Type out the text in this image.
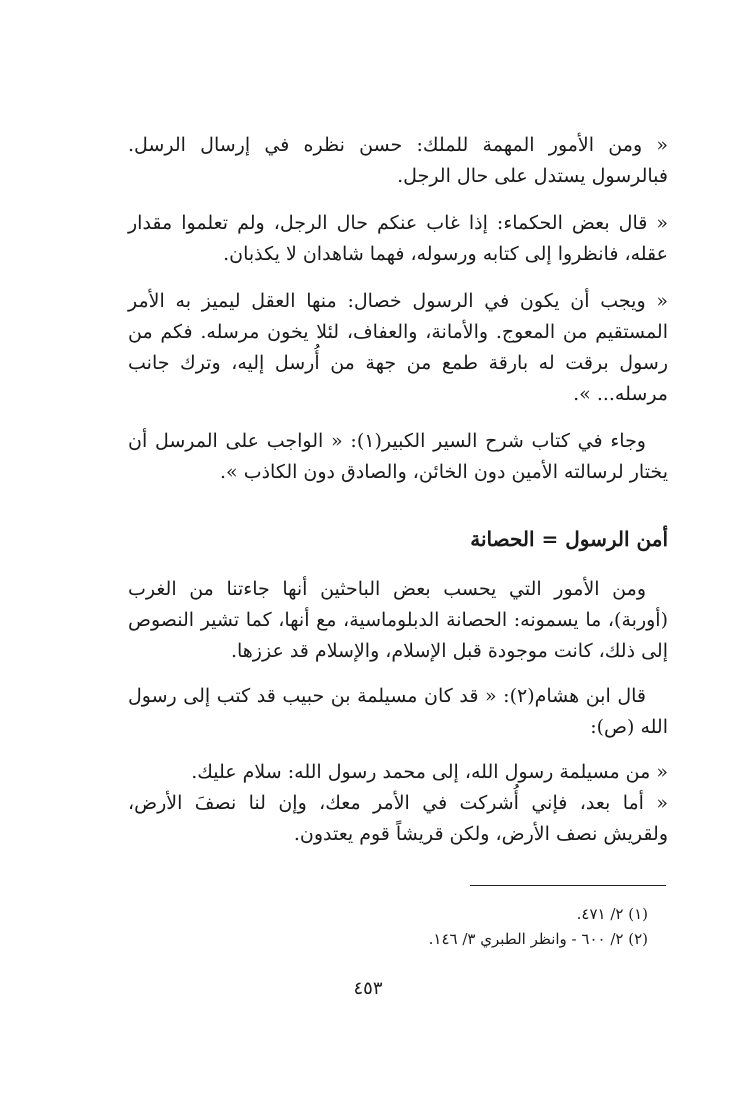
« ومن الأمور المهمة للملك: حسن نظره في إرسال الرسل. فبالرسول يستدل على حال الرجل.

« قال بعض الحكماء: إذا غاب عنكم حال الرجل، ولم تعلموا مقدار عقله، فانظروا إلى كتابه ورسوله، فهما شاهدان لا يكذبان.

« ويجب أن يكون في الرسول خصال: منها العقل ليميز به الأمر المستقيم من المعوج. والأمانة، والعفاف، لئلا يخون مرسله. فكم من رسول برقت له بارقة طمع من جهة من أُرسل إليه، وترك جانب مرسله... ».

وجاء في كتاب شرح السير الكبير(١): « الواجب على المرسل أن يختار لرسالته الأمين دون الخائن، والصادق دون الكاذب ».

أمن الرسول = الحصانة

ومن الأمور التي يحسب بعض الباحثين أنها جاءتنا من الغرب (أوربة)، ما يسمونه: الحصانة الدبلوماسية، مع أنها، كما تشير النصوص إلى ذلك، كانت موجودة قبل الإسلام، والإسلام قد عززها.

قال ابن هشام(٢): « قد كان مسيلمة بن حبيب قد كتب إلى رسول الله (ص):

« من مسيلمة رسول الله، إلى محمد رسول الله: سلام عليك.

« أما بعد، فإني أُشركت في الأمر معك، وإن لنا نصفَ الأرض، ولقريش نصف الأرض، ولكن قريشاً قوم يعتدون.

(١) ٢/ ٤٧١.
(٢) ٢/ ٦٠٠ - وانظر الطبري ٣/ ١٤٦.
٤٥٣
